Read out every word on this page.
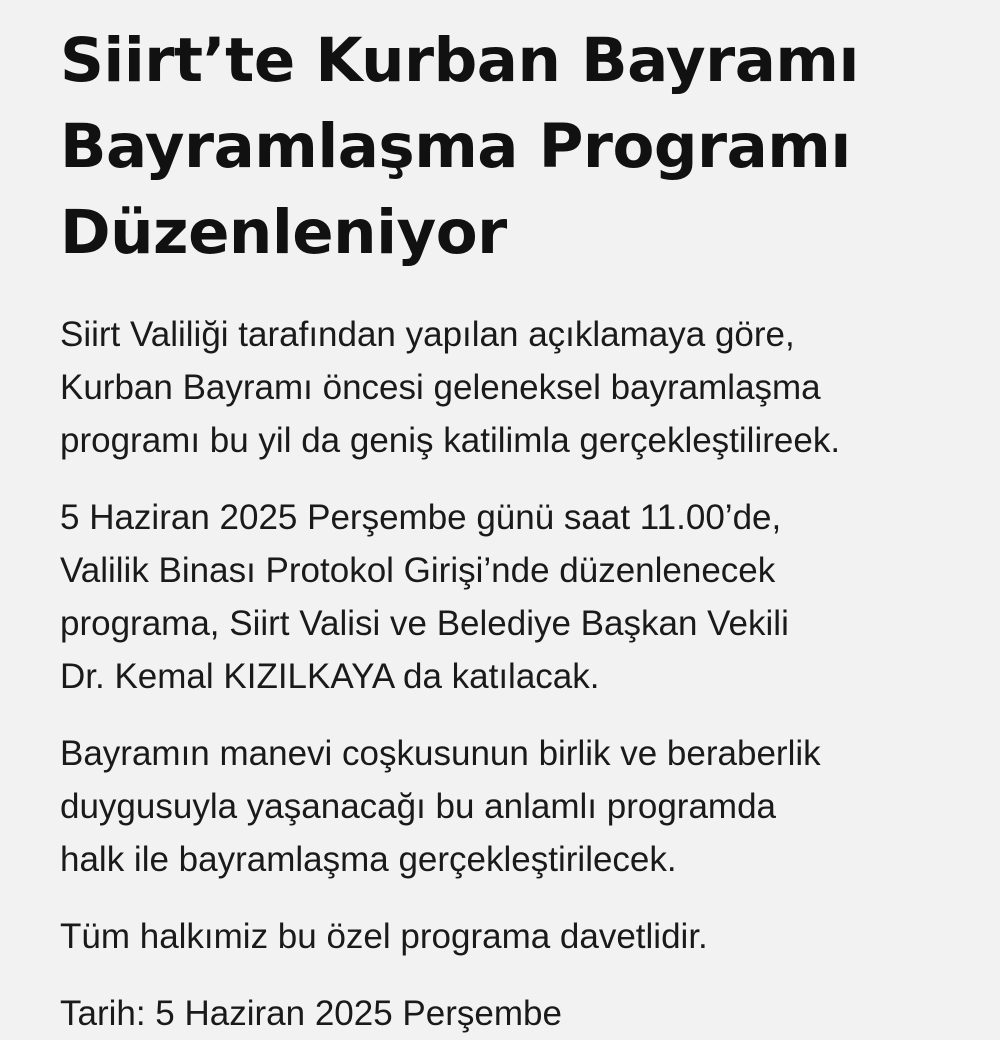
Siirt’te Kurban Bayramı
Bayramlaşma Programı
Düzenleniyor

Siirt Valiliği tarafından yapılan açıklamaya göre,
Kurban Bayramı öncesi geleneksel bayramlaşma
programı bu yil da geniş katilimla gerçekleştilireek.

5 Haziran 2025 Perşembe günü saat 11.00’de,
Valilik Binası Protokol Girişi’nde düzenlenecek
programa, Siirt Valisi ve Belediye Başkan Vekili
Dr. Kemal KIZILKAYA da katılacak.

Bayramın manevi coşkusunun birlik ve beraberlik
duygusuyla yaşanacağı bu anlamlı programda
halk ile bayramlaşma gerçekleştirilecek.

Tüm halkımiz bu özel programa davetlidir.

Tarih: 5 Haziran 2025 Perşembe
